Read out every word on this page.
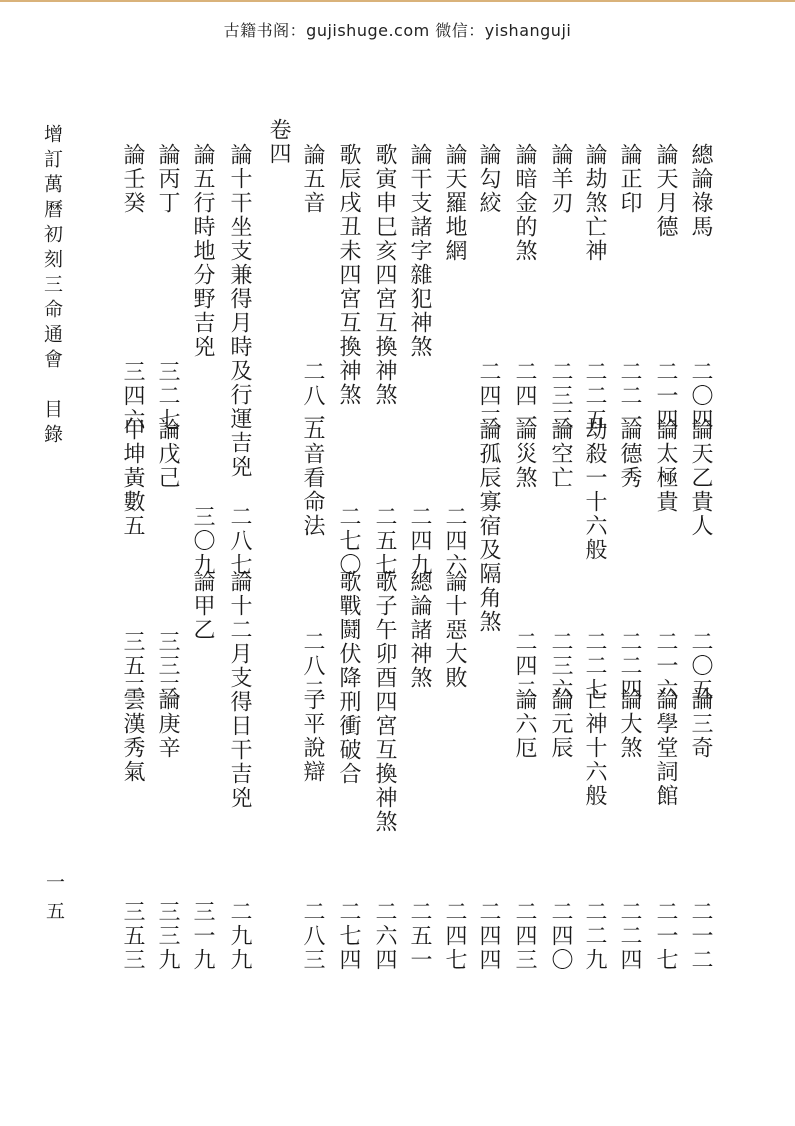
古籍书阁：gujishuge.com 微信：yishanguji
增訂萬曆初刻三命通會　目錄
一五
總論祿馬
二〇四
論天乙貴人
二〇五
論三奇
二一二
論天月德
二一四
論太極貴
二一六
論學堂詞館
二一七
論正印
二二一
論德秀
二二四
論大煞
二二四
論劫煞亡神
二二五
劫殺一十六般
二二七
亡神十六般
二二九
論羊刃
二三三
論空亡
二三六
論元辰
二四〇
論暗金的煞
二四一
論災煞
二四二
論六厄
二四三
論勾絞
二四三
論孤辰寡宿及隔角煞
二四四
論天羅地網
二四六
論十惡大敗
二四七
論干支諸字雜犯神煞
二四九
總論諸神煞
二五一
歌寅申巳亥四宮互換神煞
二五七
歌子午卯酉四宮互換神煞
二六四
歌辰戌丑未四宮互換神煞
二七〇
歌戰鬪伏降刑衝破合
二七四
論五音
二八一
五音看命法
二八二
子平說辯
二八三
卷四
論十干坐支兼得月時及行運吉兇
二八七
論十二月支得日干吉兇
二九九
論五行時地分野吉兇
三〇九
論甲乙
三一九
論丙丁
三二七
論戊己
三三三
論庚辛
三三九
論壬癸
三四六
甲坤黃數五
三五三
雲漢秀氣
三五三
